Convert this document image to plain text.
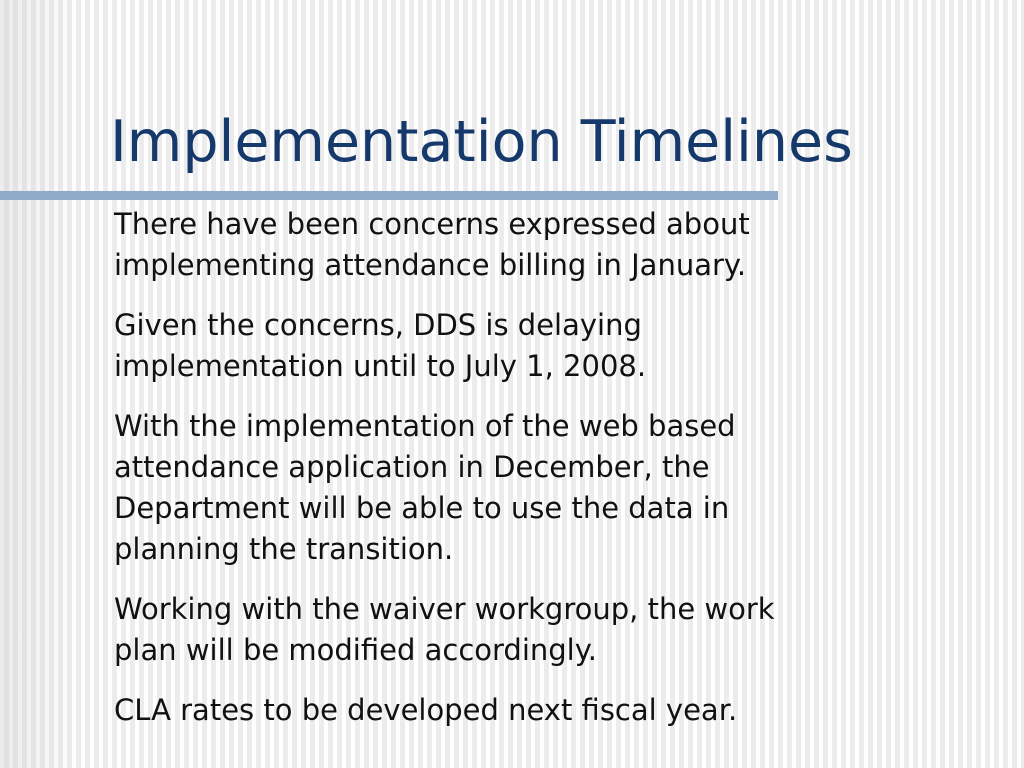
Implementation Timelines

There have been concerns expressed about
implementing attendance billing in January.

Given the concerns, DDS is delaying
implementation until to July 1, 2008.

With the implementation of the web based
attendance application in December, the
Department will be able to use the data in
planning the transition.

Working with the waiver workgroup, the work
plan will be modified accordingly.

CLA rates to be developed next fiscal year.
